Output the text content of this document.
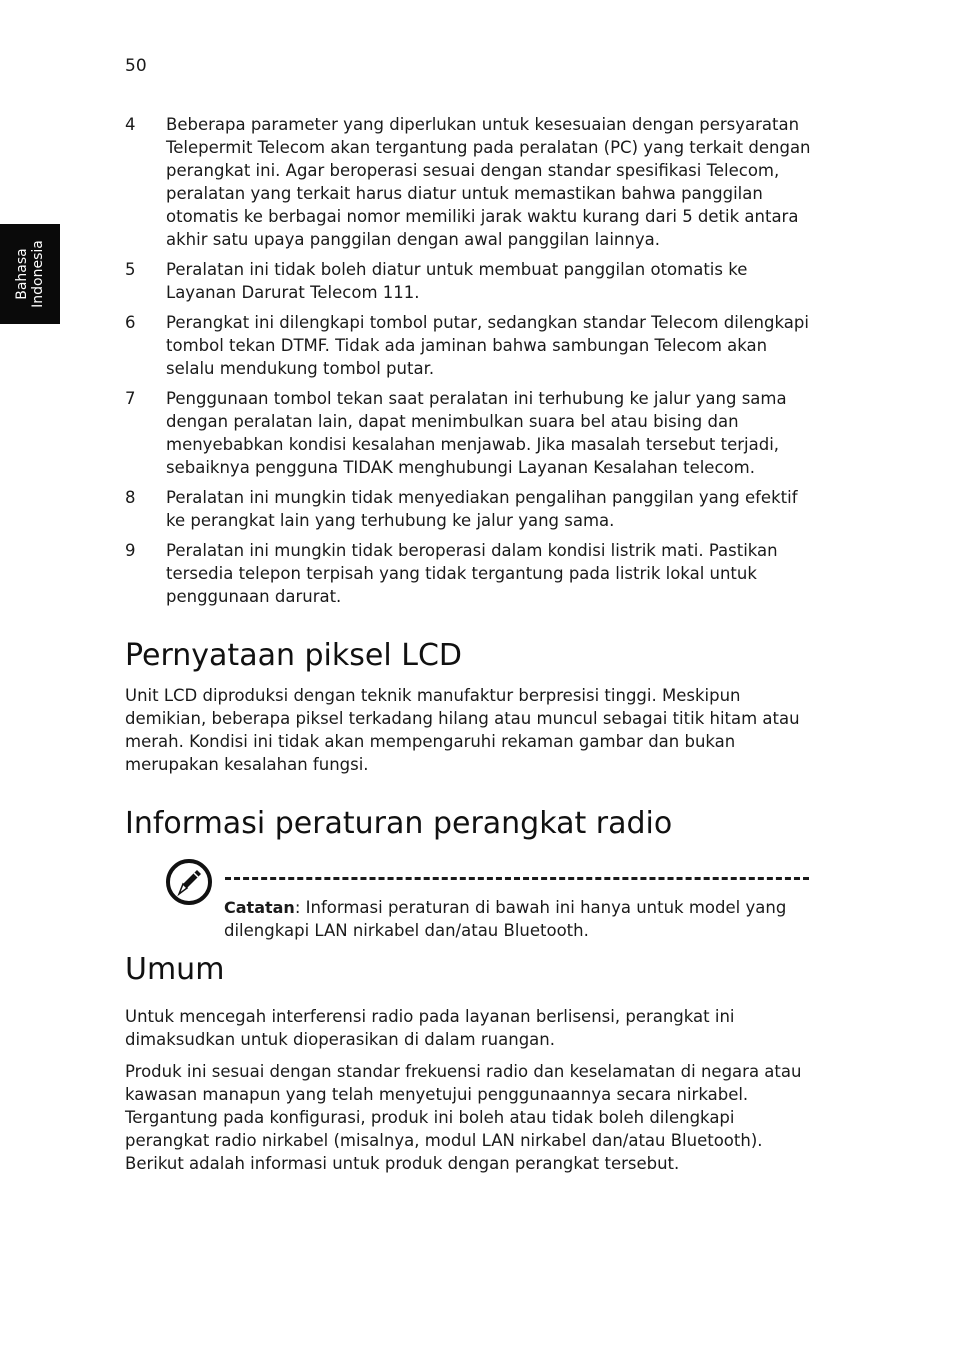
50
Bahasa Indonesia
4	Beberapa parameter yang diperlukan untuk kesesuaian dengan persyaratan Telepermit Telecom akan tergantung pada peralatan (PC) yang terkait dengan perangkat ini. Agar beroperasi sesuai dengan standar spesifikasi Telecom, peralatan yang terkait harus diatur untuk memastikan bahwa panggilan otomatis ke berbagai nomor memiliki jarak waktu kurang dari 5 detik antara akhir satu upaya panggilan dengan awal panggilan lainnya.
5	Peralatan ini tidak boleh diatur untuk membuat panggilan otomatis ke Layanan Darurat Telecom 111.
6	Perangkat ini dilengkapi tombol putar, sedangkan standar Telecom dilengkapi tombol tekan DTMF. Tidak ada jaminan bahwa sambungan Telecom akan selalu mendukung tombol putar.
7	Penggunaan tombol tekan saat peralatan ini terhubung ke jalur yang sama dengan peralatan lain, dapat menimbulkan suara bel atau bising dan menyebabkan kondisi kesalahan menjawab. Jika masalah tersebut terjadi, sebaiknya pengguna TIDAK menghubungi Layanan Kesalahan telecom.
8	Peralatan ini mungkin tidak menyediakan pengalihan panggilan yang efektif ke perangkat lain yang terhubung ke jalur yang sama.
9	Peralatan ini mungkin tidak beroperasi dalam kondisi listrik mati. Pastikan tersedia telepon terpisah yang tidak tergantung pada listrik lokal untuk penggunaan darurat.
Pernyataan piksel LCD

Unit LCD diproduksi dengan teknik manufaktur berpresisi tinggi. Meskipun demikian, beberapa piksel terkadang hilang atau muncul sebagai titik hitam atau merah. Kondisi ini tidak akan mempengaruhi rekaman gambar dan bukan merupakan kesalahan fungsi.

Informasi peraturan perangkat radio
Catatan: Informasi peraturan di bawah ini hanya untuk model yang dilengkapi LAN nirkabel dan/atau Bluetooth.
Umum

Untuk mencegah interferensi radio pada layanan berlisensi, perangkat ini dimaksudkan untuk dioperasikan di dalam ruangan.

Produk ini sesuai dengan standar frekuensi radio dan keselamatan di negara atau kawasan manapun yang telah menyetujui penggunaannya secara nirkabel. Tergantung pada konfigurasi, produk ini boleh atau tidak boleh dilengkapi perangkat radio nirkabel (misalnya, modul LAN nirkabel dan/atau Bluetooth). Berikut adalah informasi untuk produk dengan perangkat tersebut.
